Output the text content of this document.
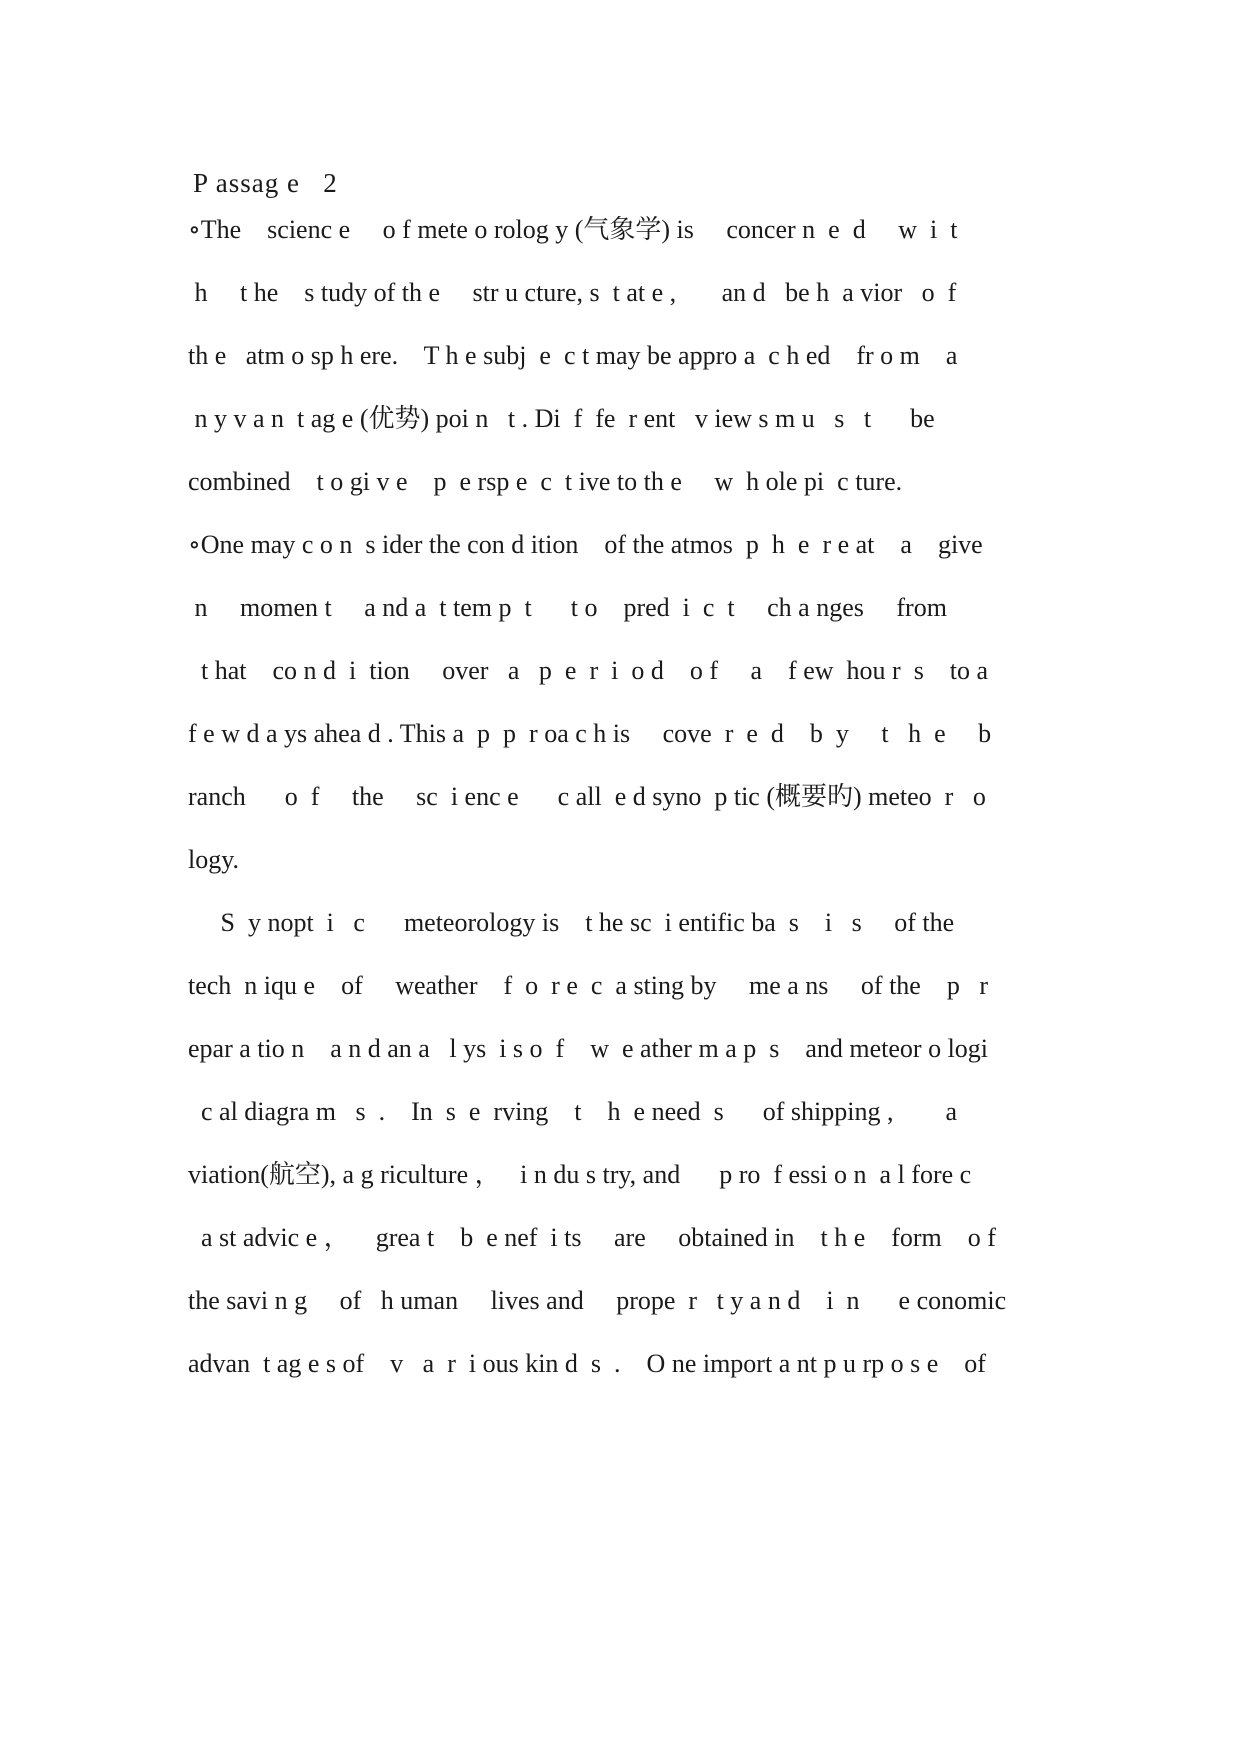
P assag e   2
∘The    scienc e     o f mete o rolog y (气象学) is     concer n  e  d     w  i  t
h     t he    s tudy of th e     str u cture, s  t at e ,       an d   be h  a vior   o  f
th e   atm o sp h ere.    T h e subj  e  c t may be appro a  c h ed    fr o m    a
n y v a n  t ag e (优势) poi n   t . Di  f  fe  r ent   v iew s m u   s   t      be
combined    t o gi v e    p  e rsp e  c  t ive to th e     w  h ole pi  c ture.
∘One may c o n  s ider the con d ition    of the atmos  p  h  e  r e at    a    give
n     momen t     a nd a  t tem p  t      t o    pred  i  c  t     ch a nges     from
t hat    co n d  i  tion     over   a   p  e  r  i  o d    o f     a    f ew  hou r  s    to a
f e w d a ys ahea d . This a  p  p  r oa c h is     cove  r  e  d    b  y     t   h  e     b
ranch      o  f     the     sc  i enc e      c all  e d syno  p tic (概要旳) meteo  r   o
logy.
S  y nopt  i   c      meteorology is    t he sc  i entific ba  s    i   s     of the
tech  n iqu e    of     weather    f  o  r e  c  a sting by     me a ns     of the    p   r
epar a tio n    a n d an a   l ys  i s o  f    w  e ather m a p  s    and meteor o logi
c al diagra m   s  .    In  s  e  rving    t    h  e need  s      of shipping ,        a
viation(航空), a g riculture ，   i n du s try, and      p ro  f essi o n  a l fore c
a st advic e ，    grea t    b  e nef  i ts     are     obtained in    t h e    form    o f
the savi n g     of   h uman     lives and     prope  r   t y a n d    i  n      e conomic
advan  t ag e s of    v   a  r  i ous kin d  s  .    O ne import a nt p u rp o s e    of
